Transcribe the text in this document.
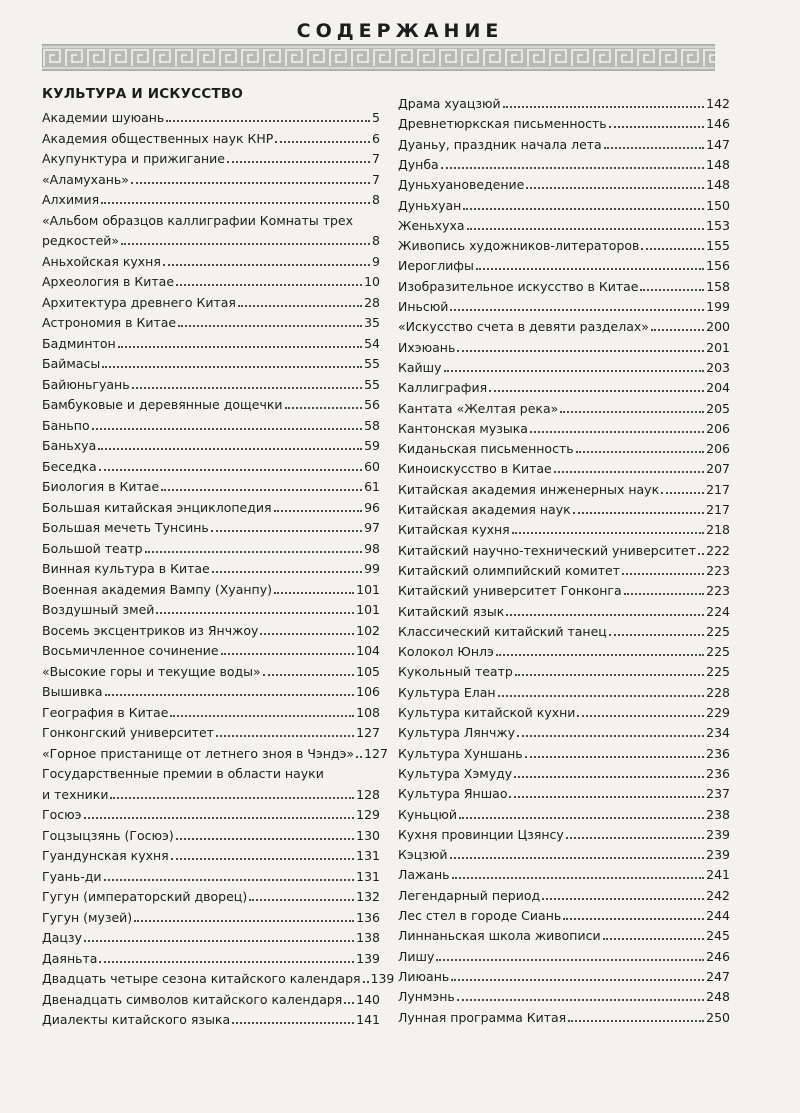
СОДЕРЖАНИЕ
КУЛЬТУРА И ИСКУССТВО
Академии шуюань	5
Академия общественных наук КНР	6
Акупунктура и прижигание	7
«Аламухань»	7
Алхимия	8
«Альбом образцов каллиграфии Комнаты трех
редкостей»	8
Аньхойская кухня	9
Археология в Китае	10
Архитектура древнего Китая	28
Астрономия в Китае	35
Бадминтон	54
Баймасы	55
Байюньгуань	55
Бамбуковые и деревянные дощечки	56
Баньпо	58
Баньхуа	59
Беседка	60
Биология в Китае	61
Большая китайская энциклопедия	96
Большая мечеть Тунсинь	97
Большой театр	98
Винная культура в Китае	99
Военная академия Вампу (Хуанпу)	101
Воздушный змей	101
Восемь эксцентриков из Янчжоу	102
Восьмичленное сочинение	104
«Высокие горы и текущие воды»	105
Вышивка	106
География в Китае	108
Гонконгский университет	127
«Горное пристанище от летнего зноя в Чэндэ» 127
Государственные премии в области науки
и техники	128
Госюэ	129
Гоцзыцзянь (Госюэ)	130
Гуандунская кухня	131
Гуань-ди	131
Гугун (императорский дворец)	132
Гугун (музей)	136
Дацзу	138
Даяньта	139
Двадцать четыре сезона китайского календаря 139
Двенадцать символов китайского календаря 140
Диалекты китайского языка	141
Драма хуацзюй	142
Древнетюркская письменность	146
Дуаньу, праздник начала лета	147
Дунба	148
Дуньхуановедение	148
Дуньхуан	150
Женьхуха	153
Живопись художников-литераторов	155
Иероглифы	156
Изобразительное искусство в Китае	158
Иньсюй	199
«Искусство счета в девяти разделах»	200
Ихэюань	201
Кайшу	203
Каллиграфия	204
Кантата «Желтая река»	205
Кантонская музыка	206
Киданьская письменность	206
Киноискусство в Китае	207
Китайская академия инженерных наук	217
Китайская академия наук	217
Китайская кухня	218
Китайский научно-технический университет 222
Китайский олимпийский комитет	223
Китайский университет Гонконга	223
Китайский язык	224
Классический китайский танец	225
Колокол Юнлэ	225
Кукольный театр	225
Культура Елан	228
Культура китайской кухни	229
Культура Лянчжу	234
Культура Хуншань	236
Культура Хэмуду	236
Культура Яншао	237
Куньцюй	238
Кухня провинции Цзянсу	239
Кэцзюй	239
Лажань	241
Легендарный период	242
Лес стел в городе Сиань	244
Линнаньская школа живописи	245
Лишу	246
Лиюань	247
Лунмэнь	248
Лунная программа Китая	250
